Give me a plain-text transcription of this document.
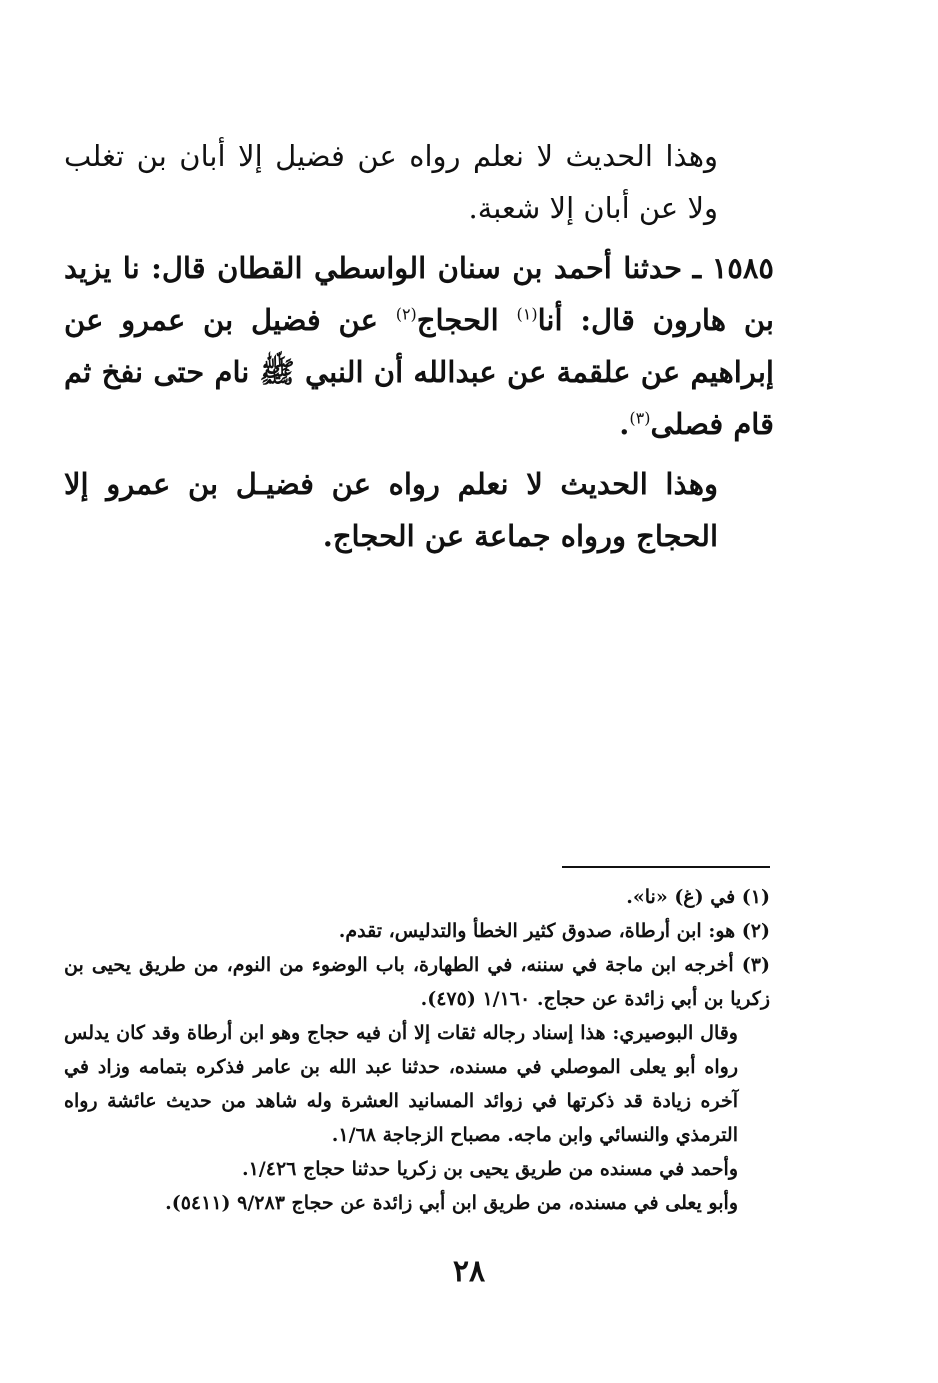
وهذا الحديث لا نعلم رواه عن فضيل إلا أبان بن تغلب ولا عن أبان إلا شعبة.

١٥٨٥ ـ حدثنا أحمد بن سنان الواسطي القطان قال: نا يزيد بن هارون قال: أنا$^{(١)}$ الحجاج$^{(٢)}$ عن فضيل بن عمرو عن إبراهيم عن علقمة عن عبدالله أن النبي ﷺ نام حتى نفخ ثم قام فصلى$^{(٣)}$.

وهذا الحديث لا نعلم رواه عن فضيـل بن عمرو إلا الحجاج ورواه جماعة عن الحجاج.

(١) في (غ) «نا».

(٢) هو: ابن أرطاة، صدوق كثير الخطأ والتدليس، تقدم.

(٣) أخرجه ابن ماجة في سننه، في الطهارة، باب الوضوء من النوم، من طريق يحيى بن زكريا بن أبي زائدة عن حجاج. ١/١٦٠ (٤٧٥).

وقال البوصيري: هذا إسناد رجاله ثقات إلا أن فيه حجاج وهو ابن أرطاة وقد كان يدلس رواه أبو يعلى الموصلي في مسنده، حدثنا عبد الله بن عامر فذكره بتمامه وزاد في آخره زيادة قد ذكرتها في زوائد المسانيد العشرة وله شاهد من حديث عائشة رواه الترمذي والنسائي وابن ماجه. مصباح الزجاجة ١/٦٨.

وأحمد في مسنده من طريق يحيى بن زكريا حدثنا حجاج ١/٤٢٦.

وأبو يعلى في مسنده، من طريق ابن أبي زائدة عن حجاج ٩/٢٨٣ (٥٤١١).

٢٨
